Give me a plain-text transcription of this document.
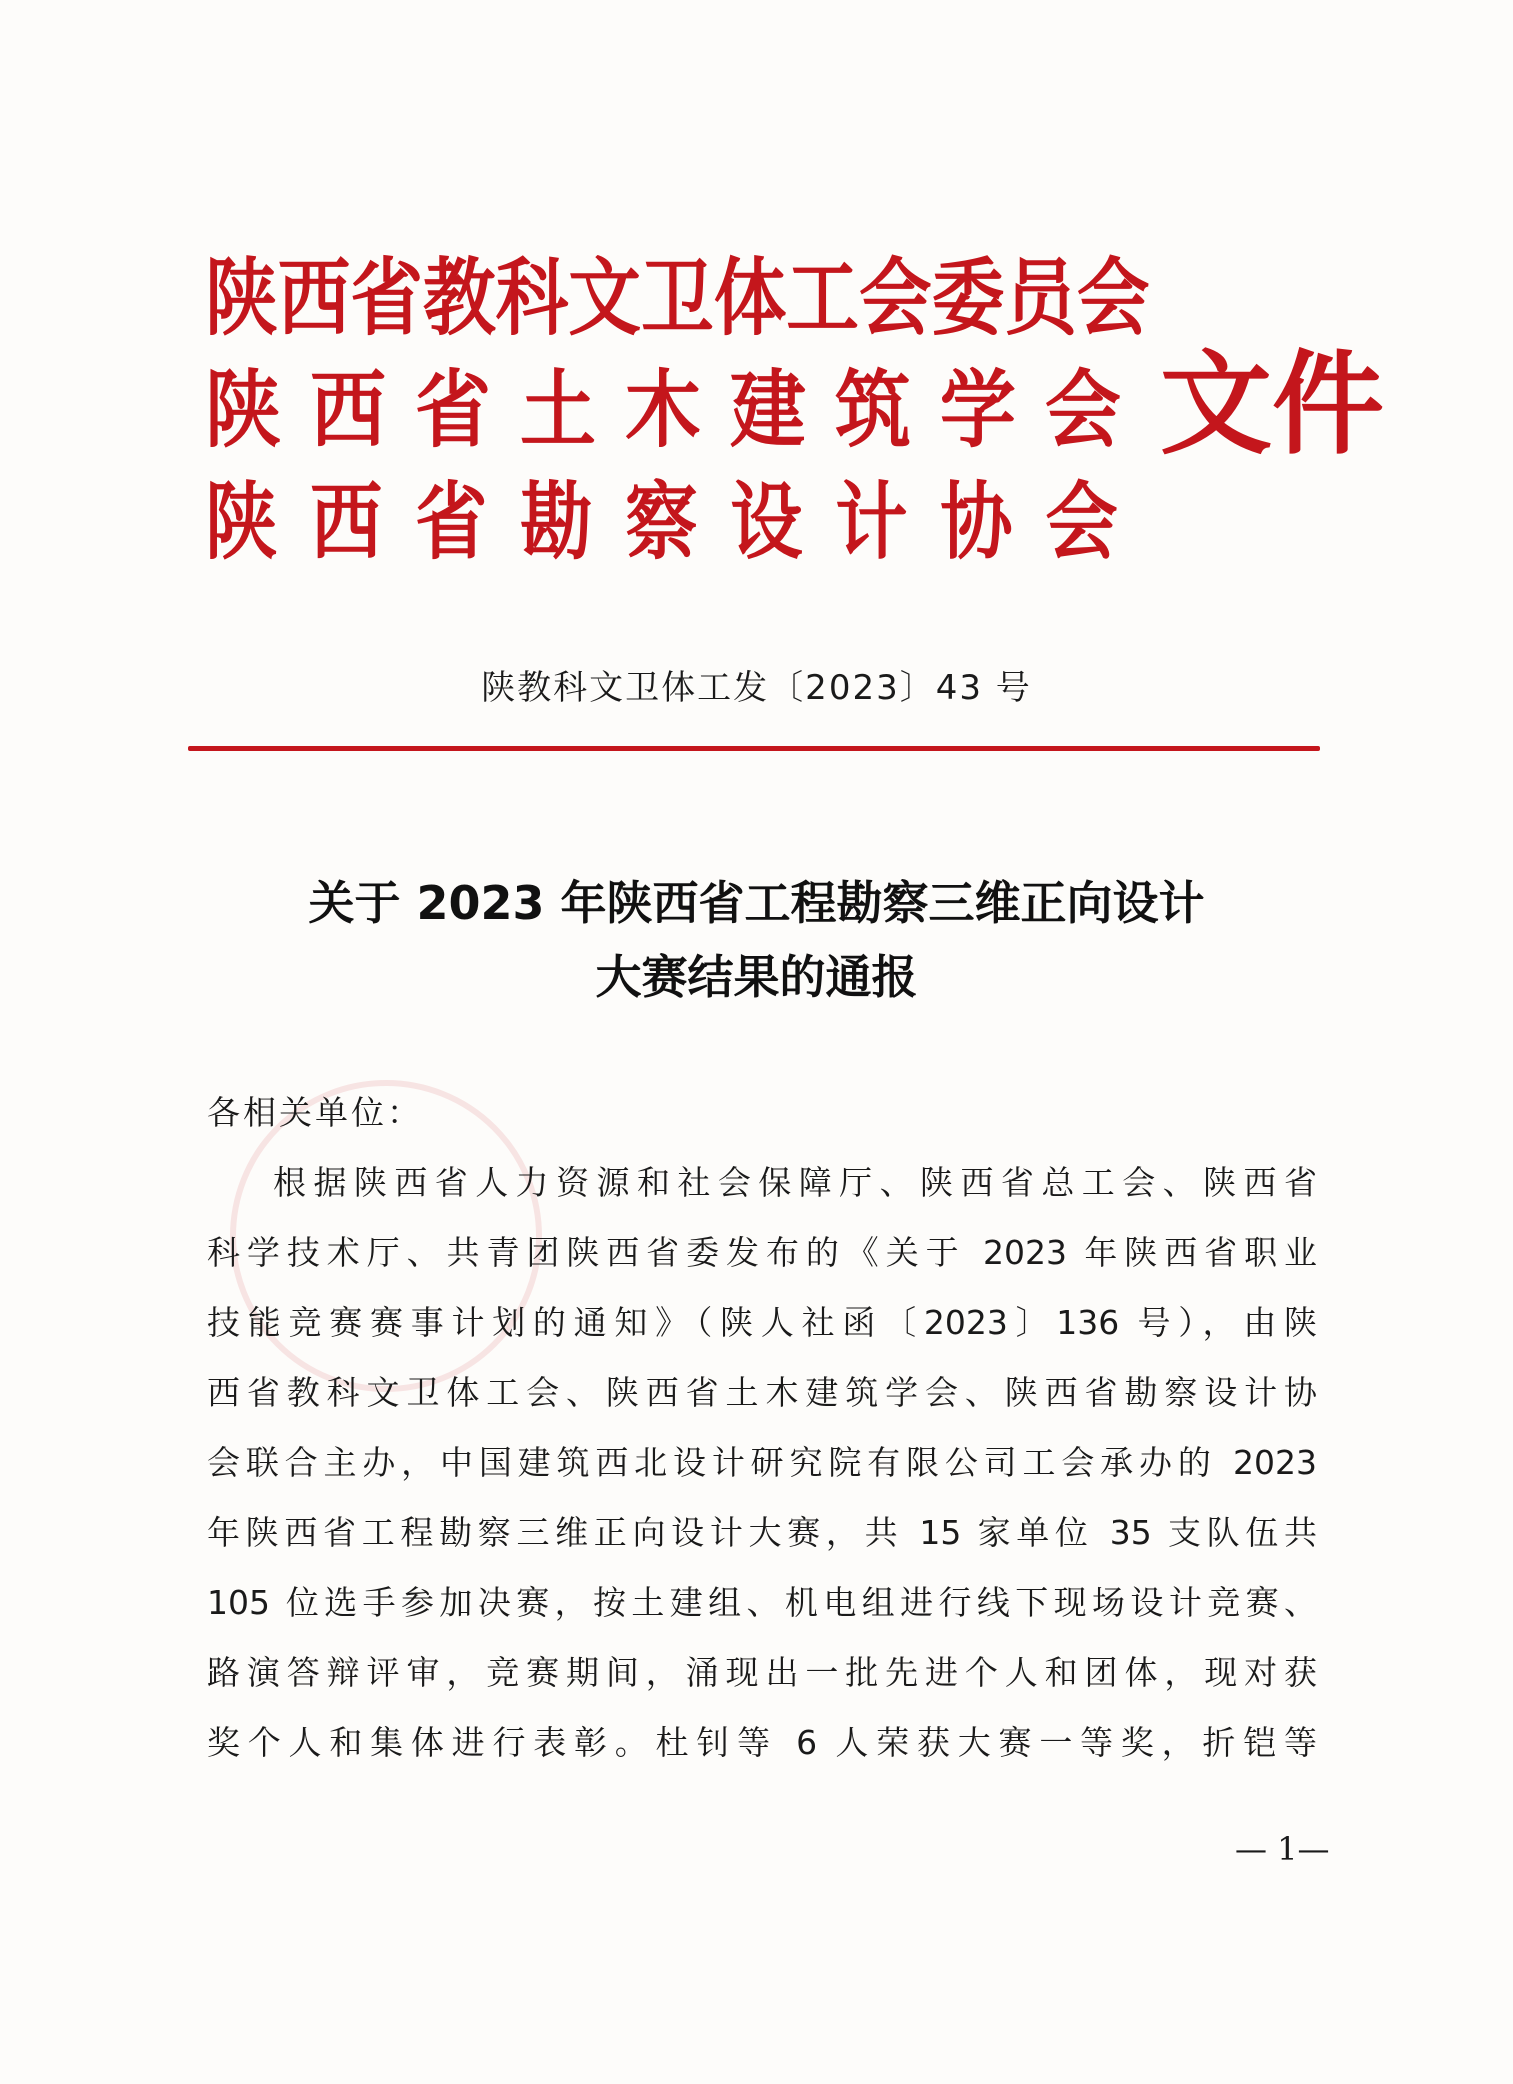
陕西省教科文卫体工会委员会
陕西省土木建筑学会
陕西省勘察设计协会
文件
陕教科文卫体工发〔2023〕43 号
关于 2023 年陕西省工程勘察三维正向设计
大赛结果的通报
各相关单位：
根据陕西省人力资源和社会保障厅、陕西省总工会、陕西省
科学技术厅、共青团陕西省委发布的《关于 2023 年陕西省职业
技能竞赛赛事计划的通知》（陕人社函〔2023〕136 号），由陕
西省教科文卫体工会、陕西省土木建筑学会、陕西省勘察设计协
会联合主办，中国建筑西北设计研究院有限公司工会承办的 2023
年陕西省工程勘察三维正向设计大赛，共 15 家单位 35 支队伍共
105 位选手参加决赛，按土建组、机电组进行线下现场设计竞赛、
路演答辩评审，竞赛期间，涌现出一批先进个人和团体，现对获
奖个人和集体进行表彰。杜钊等 6 人荣获大赛一等奖，折铠等
— 1—
